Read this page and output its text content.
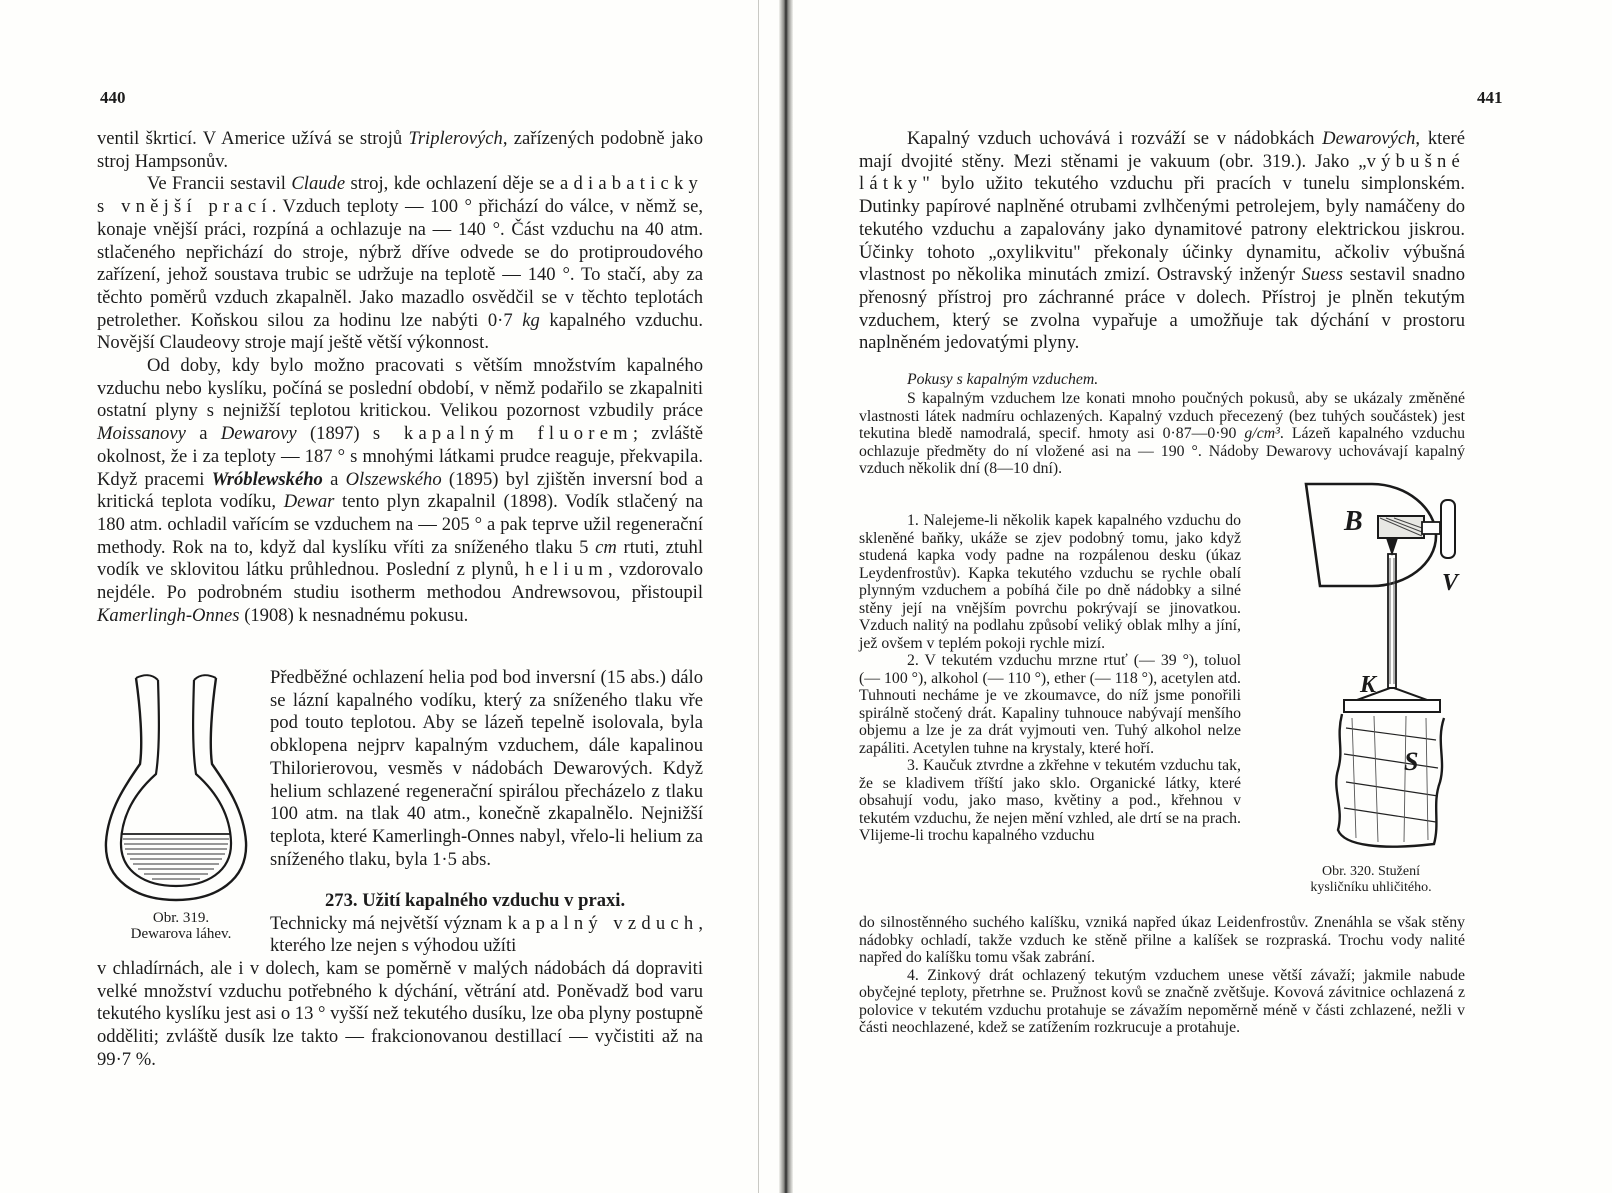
440

ventil škrticí. V Americe užívá se strojů Triplerových, zařízených podobně jako stroj Hampsonův.

Ve Francii sestavil Claude stroj, kde ochlazení děje se adiabaticky s vnější prací. Vzduch teploty — 100 ° přichází do válce, v němž se, konaje vnější práci, rozpíná a ochlazuje na — 140 °. Část vzduchu na 40 atm. stlačeného nepřichází do stroje, nýbrž dříve odvede se do protiproudového zařízení, jehož soustava trubic se udržuje na teplotě — 140 °. To stačí, aby za těchto poměrů vzduch zkapalněl. Jako mazadlo osvědčil se v těchto teplotách petrolether. Koňskou silou za hodinu lze nabýti 0·7 kg kapalného vzduchu. Novější Claudeovy stroje mají ještě větší výkonnost.

Od doby, kdy bylo možno pracovati s větším množstvím kapalného vzduchu nebo kyslíku, počíná se poslední období, v němž podařilo se zkapalniti ostatní plyny s nejnižší teplotou kritickou. Velikou pozornost vzbudily práce Moissanovy a Dewarovy (1897) s kapalným fluorem; zvláště okolnost, že i za teploty — 187 ° s mnohými látkami prudce reaguje, překvapila. Když pracemi Wróblewského a Olszewského (1895) byl zjištěn inversní bod a kritická teplota vodíku, Dewar tento plyn zkapalnil (1898). Vodík stlačený na 180 atm. ochladil vařícím se vzduchem na — 205 ° a pak teprve užil regenerační methody. Rok na to, když dal kyslíku vříti za sníženého tlaku 5 cm rtuti, ztuhl vodík ve sklovitou látku průhlednou. Poslední z plynů, helium, vzdorovalo nejdéle. Po podrobném studiu isotherm methodou Andrewsovou, přistoupil Kamerlingh-Onnes (1908) k nesnadnému pokusu.

Předběžné ochlazení helia pod bod inversní (15 abs.) dálo se lázní kapalného vodíku, který za sníženého tlaku vře pod touto teplotou. Aby se lázeň tepelně isolovala, byla obklopena nejprv kapalným vzduchem, dále kapalinou Thilorierovou, vesměs v nádobách Dewarových. Když helium schlazené regenerační spirálou přecházelo z tlaku 100 atm. na tlak 40 atm., konečně zkapalnělo. Nejnižší teplota, které Kamerlingh-Onnes nabyl, vřelo-li helium za sníženého tlaku, byla 1·5 abs.

Obr. 319.
Dewarova láhev.

273. Užití kapalného vzduchu v praxi.

Technicky má největší význam kapalný vzduch, kterého lze nejen s výhodou užíti

v chladírnách, ale i v dolech, kam se poměrně v malých nádobách dá dopraviti velké množství vzduchu potřebného k dýchání, větrání atd. Poněvadž bod varu tekutého kyslíku jest asi o 13 ° vyšší než tekutého dusíku, lze oba plyny postupně odděliti; zvláště dusík lze takto — frakcionovanou destillací — vyčistiti až na 99·7 %.

441

Kapalný vzduch uchovává i rozváží se v nádobkách Dewarových, které mají dvojité stěny. Mezi stěnami je vakuum (obr. 319.). Jako „výbušné látky" bylo užito tekutého vzduchu při pracích v tunelu simplonském. Dutinky papírové naplněné otrubami zvlhčenými petrolejem, byly namáčeny do tekutého vzduchu a zapalovány jako dynamitové patrony elektrickou jiskrou. Účinky tohoto „oxylikvitu" překonaly účinky dynamitu, ačkoliv výbušná vlastnost po několika minutách zmizí. Ostravský inženýr Suess sestavil snadno přenosný přístroj pro záchranné práce v dolech. Přístroj je plněn tekutým vzduchem, který se zvolna vypařuje a umožňuje tak dýchání v prostoru naplněném jedovatými plyny.

Pokusy s kapalným vzduchem.

S kapalným vzduchem lze konati mnoho poučných pokusů, aby se ukázaly změněné vlastnosti látek nadmíru ochlazených. Kapalný vzduch přecezený (bez tuhých součástek) jest tekutina bledě namodralá, specif. hmoty asi 0·87—0·90 g/cm³. Lázeň kapalného vzduchu ochlazuje předměty do ní vložené asi na — 190 °. Nádoby Dewarovy uchovávají kapalný vzduch několik dní (8—10 dní).

1. Nalejeme-li několik kapek kapalného vzduchu do skleněné baňky, ukáže se zjev podobný tomu, jako když studená kapka vody padne na rozpálenou desku (úkaz Leydenfrostův). Kapka tekutého vzduchu se rychle obalí plynným vzduchem a pobíhá čile po dně nádobky a silné stěny její na vnějším povrchu pokrývají se jinovatkou. Vzduch nalitý na podlahu způsobí veliký oblak mlhy a jíní, jež ovšem v teplém pokoji rychle mizí.

2. V tekutém vzduchu mrzne rtuť (— 39 °), toluol (— 100 °), alkohol (— 110 °), ether (— 118 °), acetylen atd. Tuhnouti necháme je ve zkoumavce, do níž jsme ponořili spirálně stočený drát. Kapaliny tuhnouce nabývají menšího objemu a lze je za drát vyjmouti ven. Tuhý alkohol nelze zapáliti. Acetylen tuhne na krystaly, které hoří.

3. Kaučuk ztvrdne a zkřehne v tekutém vzduchu tak, že se kladivem tříští jako sklo. Organické látky, které obsahují vodu, jako maso, květiny a pod., křehnou v tekutém vzduchu, že nejen mění vzhled, ale drtí se na prach. Vlijeme-li trochu kapalného vzduchu

do silnostěnného suchého kalíšku, vzniká napřed úkaz Leidenfrostův. Znenáhla se však stěny nádobky ochladí, takže vzduch ke stěně přilne a kalíšek se rozpraská. Trochu vody nalité napřed do kalíšku tomu však zabrání.

4. Zinkový drát ochlazený tekutým vzduchem unese větší závaží; jakmile nabude obyčejné teploty, přetrhne se. Pružnost kovů se značně zvětšuje. Kovová závitnice ochlazená z polovice v tekutém vzduchu protahuje se závažím nepoměrně méně v části zchlazené, nežli v části neochlazené, kdež se zatížením rozkrucuje a protahuje.

B
V
K
S
Obr. 320. Stužení
kysličníku uhličitého.
